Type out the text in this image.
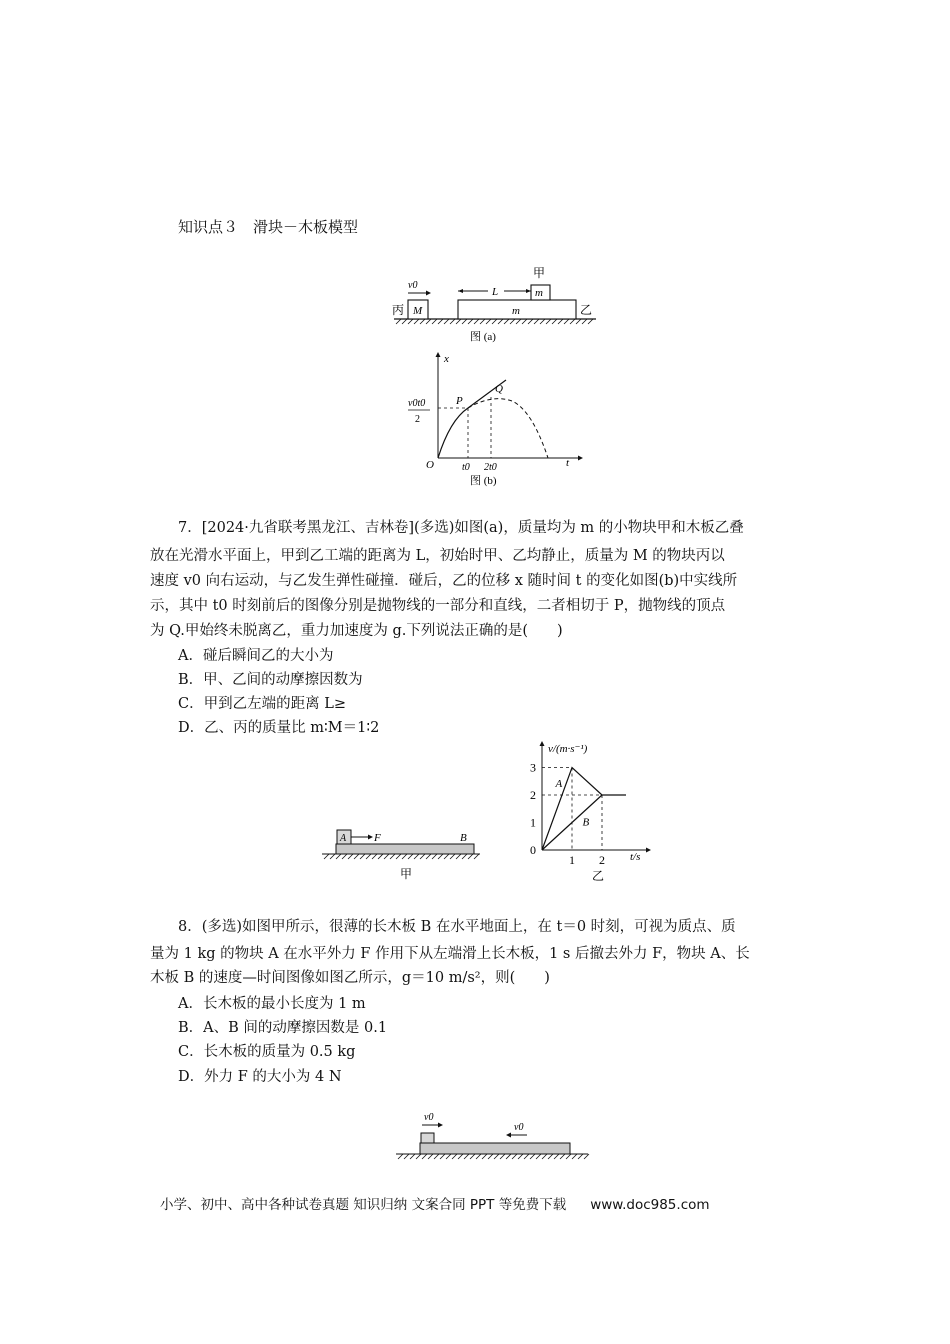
知识点３　滑块－木板模型
M
丙
v0
m	乙
m
甲
L
图 (a)
x
t
O
P
Q
t0 2t0
v0t0
2
图 (b)
7．[2024·九省联考黑龙江、吉林卷](多选)如图(a)，质量均为 m 的小物块甲和木板乙叠
放在光滑水平面上，甲到乙工端的距离为 L，初始时甲、乙均静止，质量为 M 的物块丙以
速度 v0 向右运动，与乙发生弹性碰撞．碰后，乙的位移 x 随时间 t 的变化如图(b)中实线所
示，其中 t0 时刻前后的图像分别是抛物线的一部分和直线，二者相切于 P，抛物线的顶点
为 Q.甲始终未脱离乙，重力加速度为 g.下列说法正确的是(　　)
A．碰后瞬间乙的大小为
B．甲、乙间的动摩擦因数为
C．甲到乙左端的距离 L≥
D．乙、丙的质量比 m∶M＝1∶2
A	F	B
甲
v/(m·s⁻¹)
t/s
0
1
2
3
1 2
A
B
乙
8．(多选)如图甲所示，很薄的长木板 B 在水平地面上，在 t＝0 时刻，可视为质点、质
量为 1 kg 的物块 A 在水平外力 F 作用下从左端滑上长木板，1 s 后撤去外力 F，物块 A、长
木板 B 的速度—时间图像如图乙所示，g＝10 m/s²，则(　　)
A．长木板的最小长度为 1 m
B．A、B 间的动摩擦因数是 0.1
C．长木板的质量为 0.5 kg
D．外力 F 的大小为 4 N
v0
v0
小学、初中、高中各种试卷真题 知识归纳 文案合同 PPT 等免费下载 www.doc985.com
